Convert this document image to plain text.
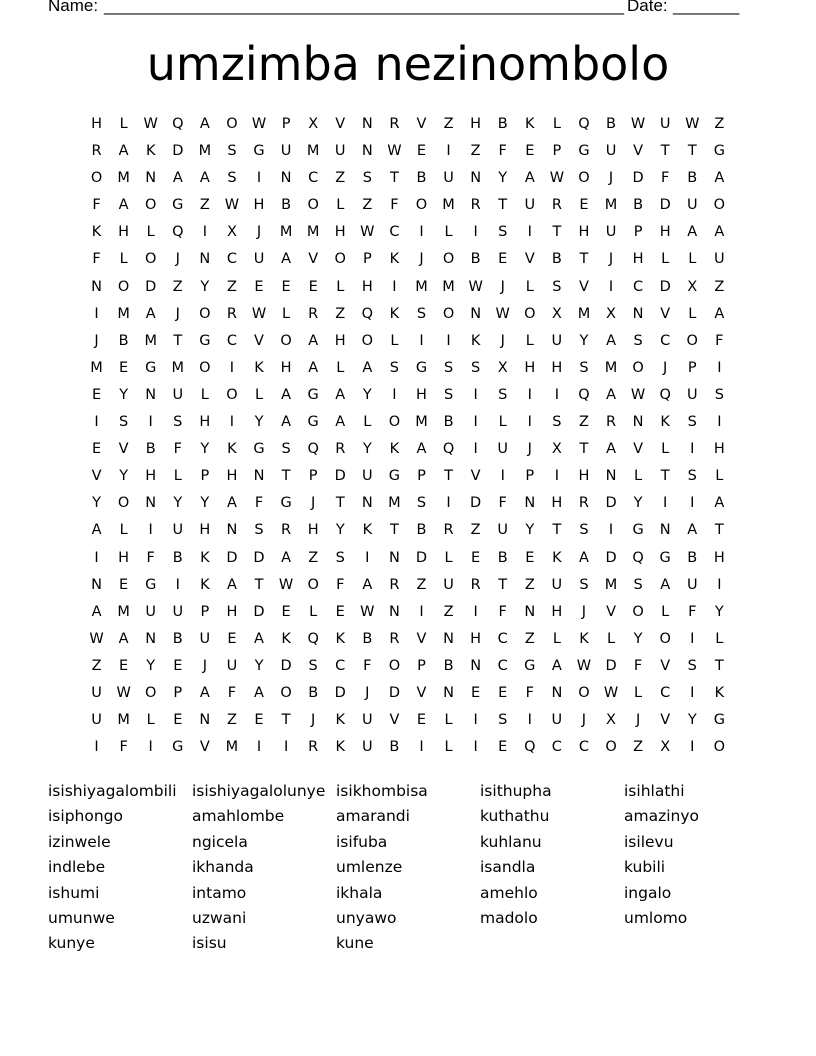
Name: _______________________________________________________ Date: _______
umzimba nezinombolo
H	L	W Q	A	O W	P	X	V	N	R	V	Z	H	B	K	L	Q	B	W	U	W	Z
R	A	K	D	M	S	G	U	M	U	N W	E	I	Z	F	E	P	G	U	V	T	T	G
O	M	N	A	A	S	I	N	C	Z	S	T	B	U	N	Y	A	W O	J	D	F	B	A
F	A	O	G	Z	W H	B	O	L	Z	F	O	M	R	T	U	R	E	M	B	D	U	O
K	H	L	Q	I	X	J	M	M	H W	C	I	L	I	S	I	T	H	U	P	H	A	A
F	L	O	J	N	C	U	A	V	O	P	K	J	O	B	E	V	B	T	J	H	L	L	U
N	O	D	Z	Y	Z	E	E	E	L	H	I	M	M W	J	L	S	V	I	C	D	X	Z
I	M	A	J	O	R	W	L	R	Z	Q	K	S	O	N W O	X	M	X	N	V	L	A
J	B	M	T	G	C	V	O	A	H	O	L	I	I	K	J	L	U	Y	A	S	C	O	F
M	E	G	M	O	I	K	H	A	L	A	S	G	S	S	X	H	H	S	M	O	J	P	I
E	Y	N	U	L	O	L	A	G	A	Y	I	H	S	I	S	I	I	Q	A	W Q	U	S
I	S	I	S	H	I	Y	A	G	A	L	O	M	B	I	L	I	S	Z	R	N	K	S	I
E	V	B	F	Y	K	G	S	Q	R	Y	K	A	Q	I	U	J	X	T	A	V	L	I	H
V	Y	H	L	P	H	N	T	P	D	U	G	P	T	V	I	P	I	H	N	L	T	S	L
Y	O	N	Y	Y	A	F	G	J	T	N	M	S	I	D	F	N	H	R	D	Y	I	I	A
A	L	I	U	H	N	S	R	H	Y	K	T	B	R	Z	U	Y	T	S	I	G	N	A	T
I	H	F	B	K	D	D	A	Z	S	I	N	D	L	E	B	E	K	A	D	Q	G	B	H
N	E	G	I	K	A	T	W O	F	A	R	Z	U	R	T	Z	U	S	M	S	A	U	I
A	M	U	U	P	H	D	E	L	E	W N	I	Z	I	F	N	H	J	V	O	L	F	Y
W	A	N	B	U	E	A	K	Q	K	B	R	V	N	H	C	Z	L	K	L	Y	O	I	L
Z	E	Y	E	J	U	Y	D	S	C	F	O	P	B	N	C	G	A	W D	F	V	S	T
U	W O	P	A	F	A	O	B	D	J	D	V	N	E	E	F	N	O W	L	C	I	K
U	M	L	E	N	Z	E	T	J	K	U	V	E	L	I	S	I	U	J	X	J	V	Y	G
I	F	I	G	V	M	I	I	R	K	U	B	I	L	I	E	Q	C	C	O	Z	X	I	O
isishiyagalombili isishiyagalolunye isikhombisa	isithupha	isihlathi
isiphongo	amahlombe	amarandi	kuthathu	amazinyo
izinwele	ngicela	isifuba	kuhlanu	isilevu
indlebe	ikhanda	umlenze	isandla	kubili
ishumi	intamo	ikhala	amehlo	ingalo
umunwe	uzwani	unyawo	madolo	umlomo
kunye	isisu	kune
